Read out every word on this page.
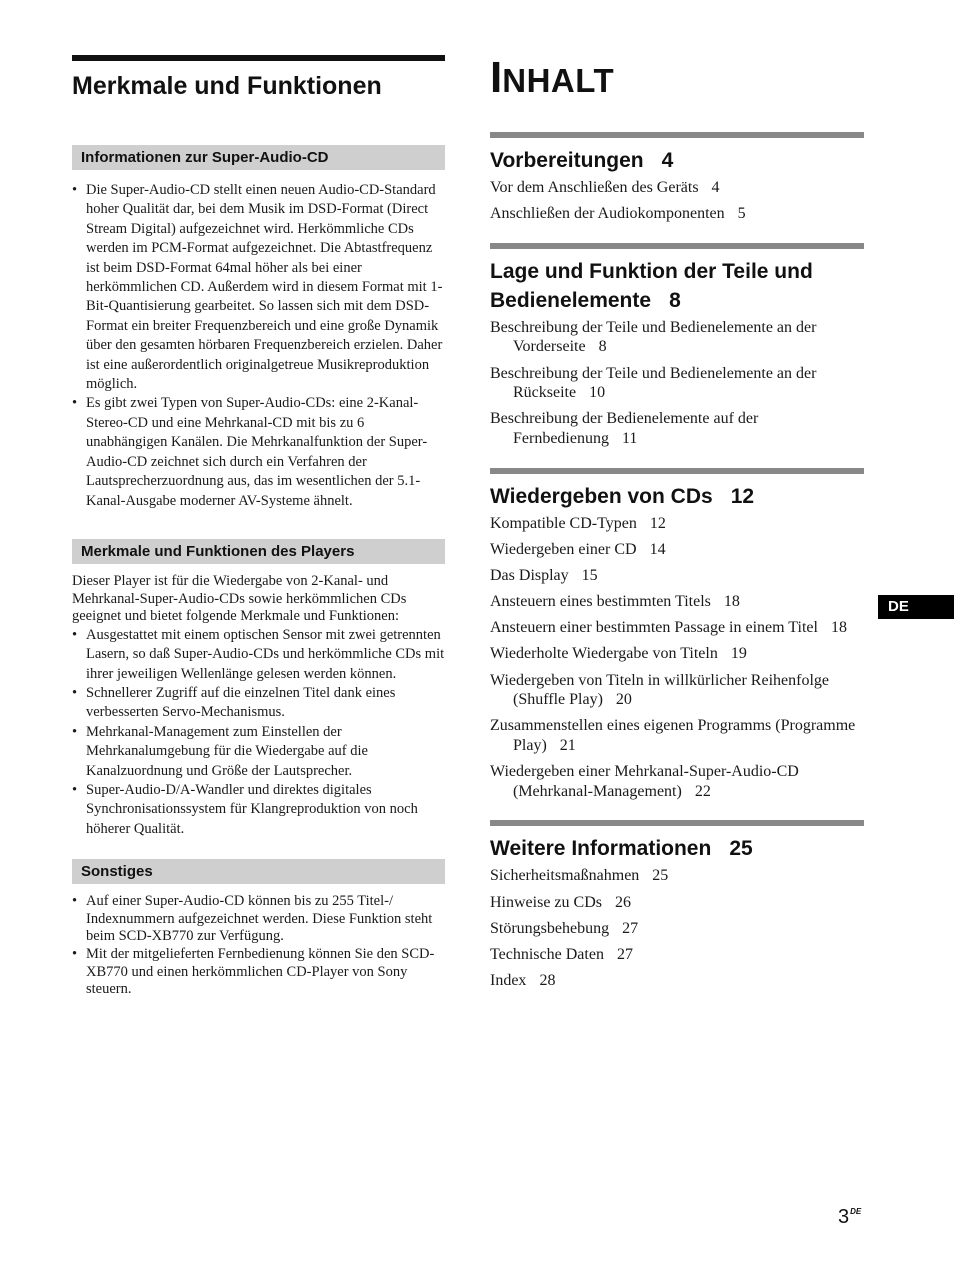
Merkmale und Funktionen
Informationen zur Super-Audio-CD
• Die Super-Audio-CD stellt einen neuen Audio-CD-Standard hoher Qualität dar, bei dem Musik im DSD-Format (Direct Stream Digital) aufgezeichnet wird. Herkömmliche CDs werden im PCM-Format aufgezeichnet. Die Abtastfrequenz ist beim DSD-Format 64mal höher als bei einer herkömmlichen CD. Außerdem wird in diesem Format mit 1-Bit-Quantisierung gearbeitet. So lassen sich mit dem DSD-Format ein breiter Frequenzbereich und eine große Dynamik über den gesamten hörbaren Frequenzbereich erzielen. Daher ist eine außerordentlich originalgetreue Musikreproduktion möglich.
• Es gibt zwei Typen von Super-Audio-CDs: eine 2-Kanal-Stereo-CD und eine Mehrkanal-CD mit bis zu 6 unabhängigen Kanälen. Die Mehrkanalfunktion der Super-Audio-CD zeichnet sich durch ein Verfahren der Lautsprecherzuordnung aus, das im wesentlichen der 5.1-Kanal-Ausgabe moderner AV-Systeme ähnelt.
Merkmale und Funktionen des Players

Dieser Player ist für die Wiedergabe von 2-Kanal- und Mehrkanal-Super-Audio-CDs sowie herkömmlichen CDs geeignet und bietet folgende Merkmale und Funktionen:

• Ausgestattet mit einem optischen Sensor mit zwei getrennten Lasern, so daß Super-Audio-CDs und herkömmliche CDs mit ihrer jeweiligen Wellenlänge gelesen werden können.
• Schnellerer Zugriff auf die einzelnen Titel dank eines verbesserten Servo-Mechanismus.
• Mehrkanal-Management zum Einstellen der Mehrkanalumgebung für die Wiedergabe auf die Kanalzuordnung und Größe der Lautsprecher.
• Super-Audio-D/A-Wandler und direktes digitales Synchronisationssystem für Klangreproduktion von noch höherer Qualität.
Sonstiges
• Auf einer Super-Audio-CD können bis zu 255 Titel-/ Indexnummern aufgezeichnet werden. Diese Funktion steht beim SCD-XB770 zur Verfügung.
• Mit der mitgelieferten Fernbedienung können Sie den SCD-XB770 und einen herkömmlichen CD-Player von Sony steuern.
INHALT
Vorbereitungen 4
Vor dem Anschließen des Geräts 4
Anschließen der Audiokomponenten 5
Lage und Funktion der Teile und Bedienelemente 8
Beschreibung der Teile und Bedienelemente an der Vorderseite 8
Beschreibung der Teile und Bedienelemente an der Rückseite 10
Beschreibung der Bedienelemente auf der Fernbedienung 11
Wiedergeben von CDs 12
Kompatible CD-Typen 12
Wiedergeben einer CD 14
Das Display 15
Ansteuern eines bestimmten Titels 18
Ansteuern einer bestimmten Passage in einem Titel 18
Wiederholte Wiedergabe von Titeln 19
Wiedergeben von Titeln in willkürlicher Reihenfolge (Shuffle Play) 20
Zusammenstellen eines eigenen Programms (Programme Play) 21
Wiedergeben einer Mehrkanal-Super-Audio-CD (Mehrkanal-Management) 22
Weitere Informationen 25
Sicherheitsmaßnahmen 25
Hinweise zu CDs 26
Störungsbehebung 27
Technische Daten 27
Index 28
DE
3DE
